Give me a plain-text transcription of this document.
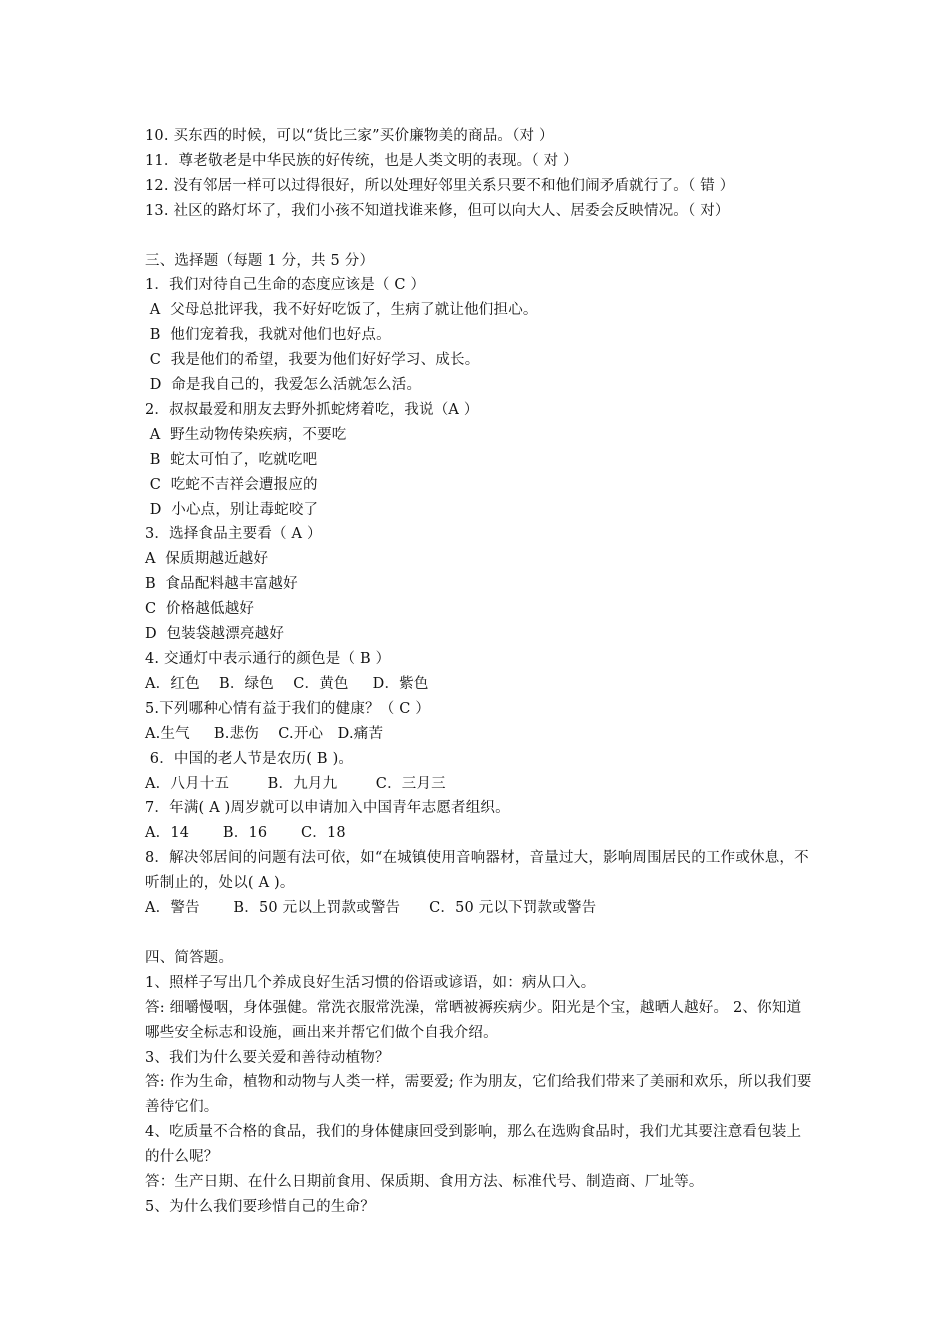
10. 买东西的时候，可以“货比三家”买价廉物美的商品。（对 ）
11．尊老敬老是中华民族的好传统，也是人类文明的表现。（ 对 ）
12. 没有邻居一样可以过得很好，所以处理好邻里关系只要不和他们闹矛盾就行了。（ 错 ）
13. 社区的路灯坏了，我们小孩不知道找谁来修，但可以向大人、居委会反映情况。（ 对）
三、选择题（每题 1 分，共 5 分）
1．我们对待自己生命的态度应该是（ C ）
A  父母总批评我，我不好好吃饭了，生病了就让他们担心。
B  他们宠着我，我就对他们也好点。
C  我是他们的希望，我要为他们好好学习、成长。
D  命是我自己的，我爱怎么活就怎么活。
2．叔叔最爱和朋友去野外抓蛇烤着吃，我说（A ）
A  野生动物传染疾病，不要吃
B  蛇太可怕了，吃就吃吧
C  吃蛇不吉祥会遭报应的
D  小心点，别让毒蛇咬了
3．选择食品主要看（ A ）
A  保质期越近越好
B  食品配料越丰富越好
C  价格越低越好
D  包装袋越漂亮越好
4. 交通灯中表示通行的颜色是（ B ）
A．红色    B．绿色    C．黄色     D．紫色
5.下列哪种心情有益于我们的健康？（ C ）
A.生气     B.悲伤    C.开心   D.痛苦
6．中国的老人节是农历( B )。
A．八月十五        B．九月九        C．三月三
7．年满( A )周岁就可以申请加入中国青年志愿者组织。
A．14       B．16       C．18
8．解决邻居间的问题有法可依，如“在城镇使用音响器材，音量过大，影响周围居民的工作或休息，不听制止的，处以( A )。
A．警告       B．50 元以上罚款或警告      C．50 元以下罚款或警告
四、简答题。
1、照样子写出几个养成良好生活习惯的俗语或谚语，如：病从口入。
答: 细嚼慢咽，身体强健。常洗衣服常洗澡，常晒被褥疾病少。阳光是个宝，越晒人越好。 2、你知道哪些安全标志和设施，画出来并帮它们做个自我介绍。
3、我们为什么要关爱和善待动植物？
答: 作为生命，植物和动物与人类一样，需要爱; 作为朋友，它们给我们带来了美丽和欢乐，所以我们要善待它们。
4、吃质量不合格的食品，我们的身体健康回受到影响，那么在选购食品时，我们尤其要注意看包装上的什么呢？
答：生产日期、在什么日期前食用、保质期、食用方法、标准代号、制造商、厂址等。
5、为什么我们要珍惜自己的生命？
